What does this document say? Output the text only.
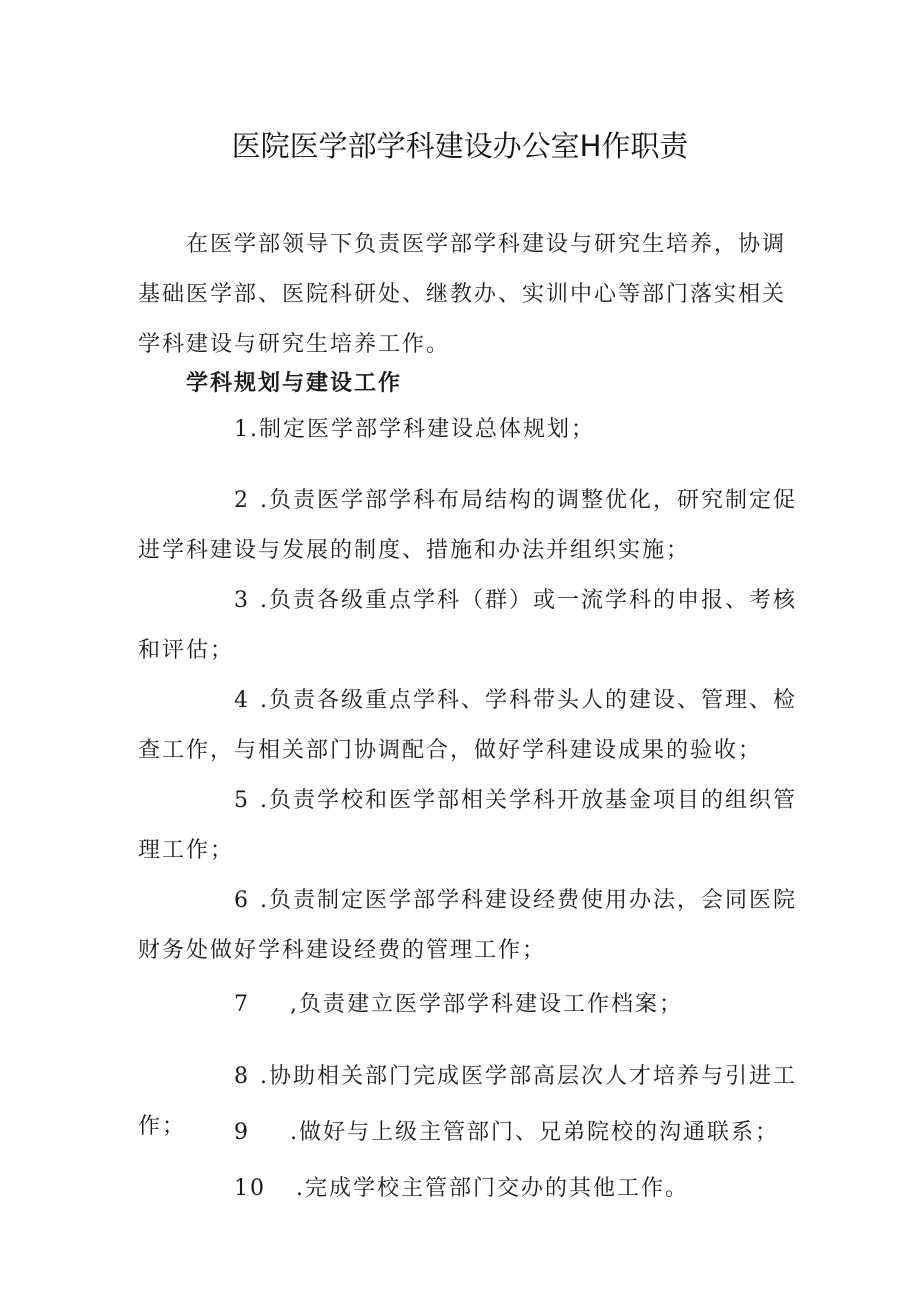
医院医学部学科建设办公室H作职责

在医学部领导下负责医学部学科建设与研究生培养，协调基础医学部、医院科研处、继教办、实训中心等部门落实相关学科建设与研究生培养工作。

学科规划与建设工作

1.制定医学部学科建设总体规划；

2 .负责医学部学科布局结构的调整优化，研究制定促进学科建设与发展的制度、措施和办法并组织实施；

3 .负责各级重点学科（群）或一流学科的申报、考核和评估；

4 .负责各级重点学科、学科带头人的建设、管理、检查工作，与相关部门协调配合，做好学科建设成果的验收；

5 .负责学校和医学部相关学科开放基金项目的组织管理工作；

6 .负责制定医学部学科建设经费使用办法，会同医院财务处做好学科建设经费的管理工作；

7 ,负责建立医学部学科建设工作档案；

8 .协助相关部门完成医学部高层次人才培养与引进工作；	9 .做好与上级主管部门、兄弟院校的沟通联系；

10 .完成学校主管部门交办的其他工作。
